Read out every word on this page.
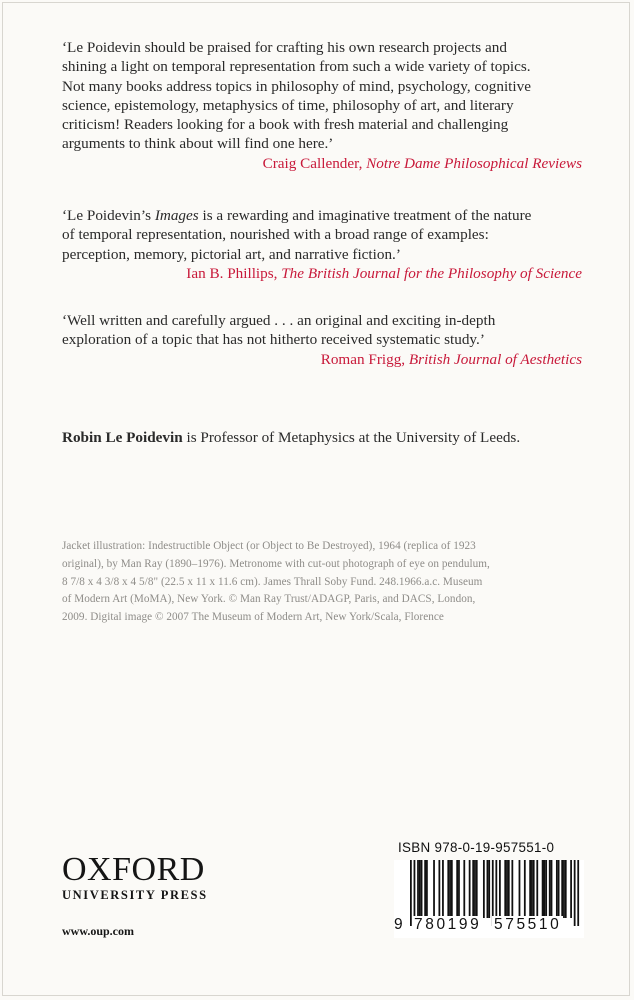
‘Le Poidevin should be praised for crafting his own research projects and

shining a light on temporal representation from such a wide variety of topics.

Not many books address topics in philosophy of mind, psychology, cognitive

science, epistemology, metaphysics of time, philosophy of art, and literary

criticism! Readers looking for a book with fresh material and challenging

arguments to think about will find one here.’

Craig Callender, Notre Dame Philosophical Reviews

‘Le Poidevin’s Images is a rewarding and imaginative treatment of the nature

of temporal representation, nourished with a broad range of examples:

perception, memory, pictorial art, and narrative fiction.’

Ian B. Phillips, The British Journal for the Philosophy of Science

‘Well written and carefully argued . . . an original and exciting in-depth

exploration of a topic that has not hitherto received systematic study.’

Roman Frigg, British Journal of Aesthetics

Robin Le Poidevin is Professor of Metaphysics at the University of Leeds.
Jacket illustration: Indestructible Object (or Object to Be Destroyed), 1964 (replica of 1923
original), by Man Ray (1890–1976). Metronome with cut-out photograph of eye on pendulum,
8 7/8 x 4 3/8 x 4 5/8" (22.5 x 11 x 11.6 cm). James Thrall Soby Fund. 248.1966.a.c. Museum
of Modern Art (MoMA), New York. © Man Ray Trust/ADAGP, Paris, and DACS, London,
2009. Digital image © 2007 The Museum of Modern Art, New York/Scala, Florence
OXFORD
UNIVERSITY PRESS
www.oup.com
ISBN 978-0-19-957551-0
9 780199 575510
